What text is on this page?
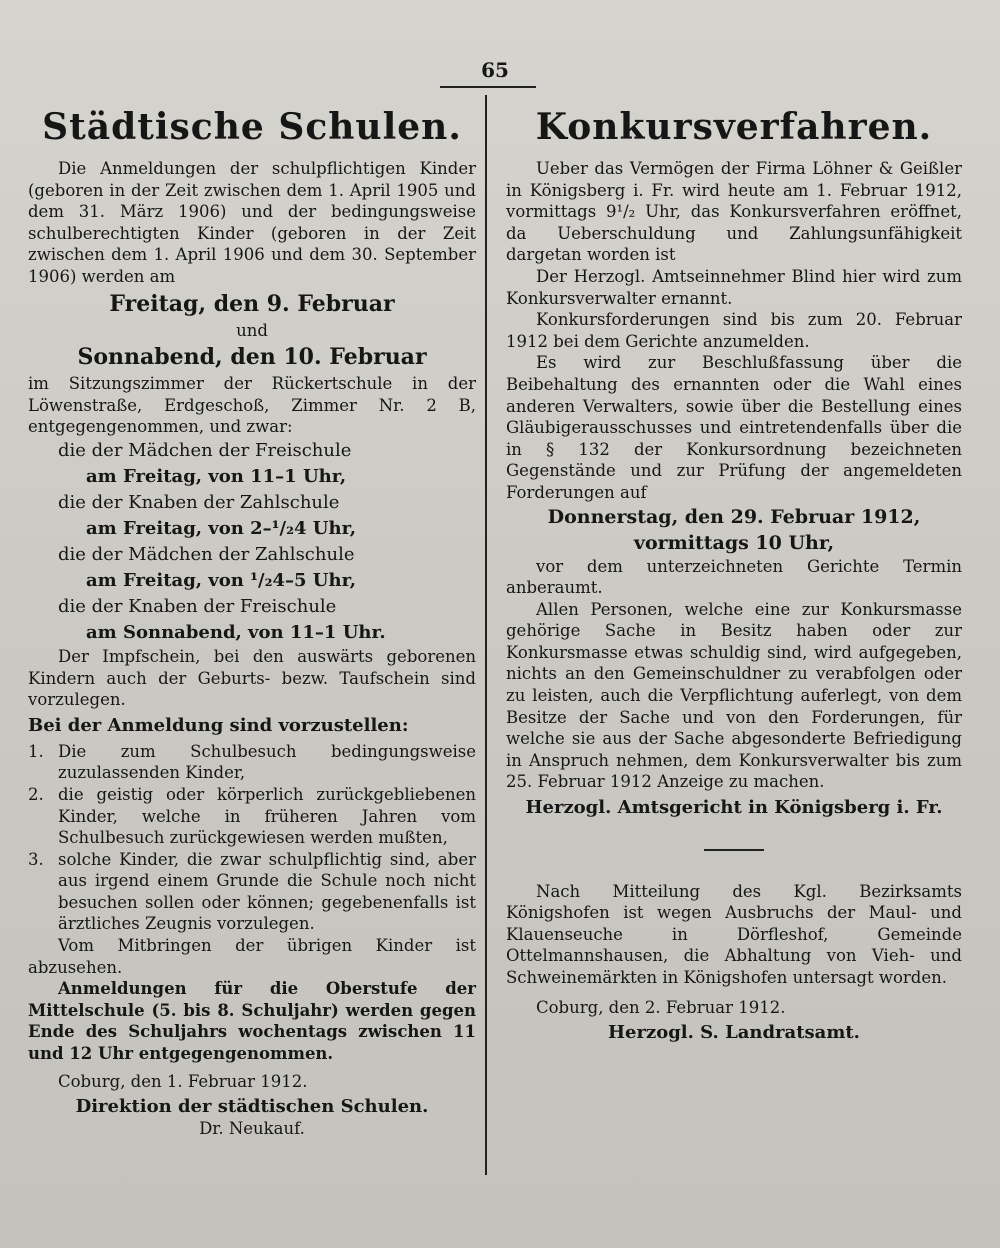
65
Städtische Schulen.

Die Anmeldungen der schulpflichtigen Kinder (geboren in der Zeit zwischen dem 1. April 1905 und dem 31. März 1906) und der bedingungsweise schulberechtigten Kinder (geboren in der Zeit zwischen dem 1. April 1906 und dem 30. September 1906) werden am

Freitag, den 9. Februar

und

Sonnabend, den 10. Februar

im Sitzungszimmer der Rückertschule in der Löwenstraße, Erdgeschoß, Zimmer Nr. 2 B, entgegengenommen, und zwar:

die der Mädchen der Freischule

am Freitag, von 11–1 Uhr,

die der Knaben der Zahlschule

am Freitag, von 2–¹/₂4 Uhr,

die der Mädchen der Zahlschule

am Freitag, von ¹/₂4–5 Uhr,

die der Knaben der Freischule

am Sonnabend, von 11–1 Uhr.

Der Impfschein, bei den auswärts geborenen Kindern auch der Geburts- bezw. Taufschein sind vorzulegen.

Bei der Anmeldung sind vorzustellen:

1. Die zum Schulbesuch bedingungsweise zuzulassenden Kinder,
2. die geistig oder körperlich zurückgebliebenen Kinder, welche in früheren Jahren vom Schulbesuch zurückgewiesen werden mußten,
3. solche Kinder, die zwar schulpflichtig sind, aber aus irgend einem Grunde die Schule noch nicht besuchen sollen oder können; gegebenenfalls ist ärztliches Zeugnis vorzulegen.

Vom Mitbringen der übrigen Kinder ist abzusehen.

Anmeldungen für die Oberstufe der Mittelschule (5. bis 8. Schuljahr) werden gegen Ende des Schuljahrs wochentags zwischen 11 und 12 Uhr entgegengenommen.

Coburg, den 1. Februar 1912.

Direktion der städtischen Schulen.

Dr. Neukauf.

Konkursverfahren.

Ueber das Vermögen der Firma Löhner & Geißler in Königsberg i. Fr. wird heute am 1. Februar 1912, vormittags 9¹/₂ Uhr, das Konkursverfahren eröffnet, da Ueberschuldung und Zahlungsunfähigkeit dargetan worden ist

Der Herzogl. Amtseinnehmer Blind hier wird zum Konkursverwalter ernannt.

Konkursforderungen sind bis zum 20. Februar 1912 bei dem Gerichte anzumelden.

Es wird zur Beschlußfassung über die Beibehaltung des ernannten oder die Wahl eines anderen Verwalters, sowie über die Bestellung eines Gläubigerausschusses und eintretendenfalls über die in § 132 der Konkursordnung bezeichneten Gegenstände und zur Prüfung der angemeldeten Forderungen auf

Donnerstag, den 29. Februar 1912,

vormittags 10 Uhr,

vor dem unterzeichneten Gerichte Termin anberaumt.

Allen Personen, welche eine zur Konkursmasse gehörige Sache in Besitz haben oder zur Konkursmasse etwas schuldig sind, wird aufgegeben, nichts an den Gemeinschuldner zu verabfolgen oder zu leisten, auch die Verpflichtung auferlegt, von dem Besitze der Sache und von den Forderungen, für welche sie aus der Sache abgesonderte Befriedigung in Anspruch nehmen, dem Konkursverwalter bis zum 25. Februar 1912 Anzeige zu machen.

Herzogl. Amtsgericht in Königsberg i. Fr.

Nach Mitteilung des Kgl. Bezirksamts Königshofen ist wegen Ausbruchs der Maul- und Klauenseuche in Dörfleshof, Gemeinde Ottelmannshausen, die Abhaltung von Vieh- und Schweinemärkten in Königshofen untersagt worden.

Coburg, den 2. Februar 1912.

Herzogl. S. Landratsamt.
